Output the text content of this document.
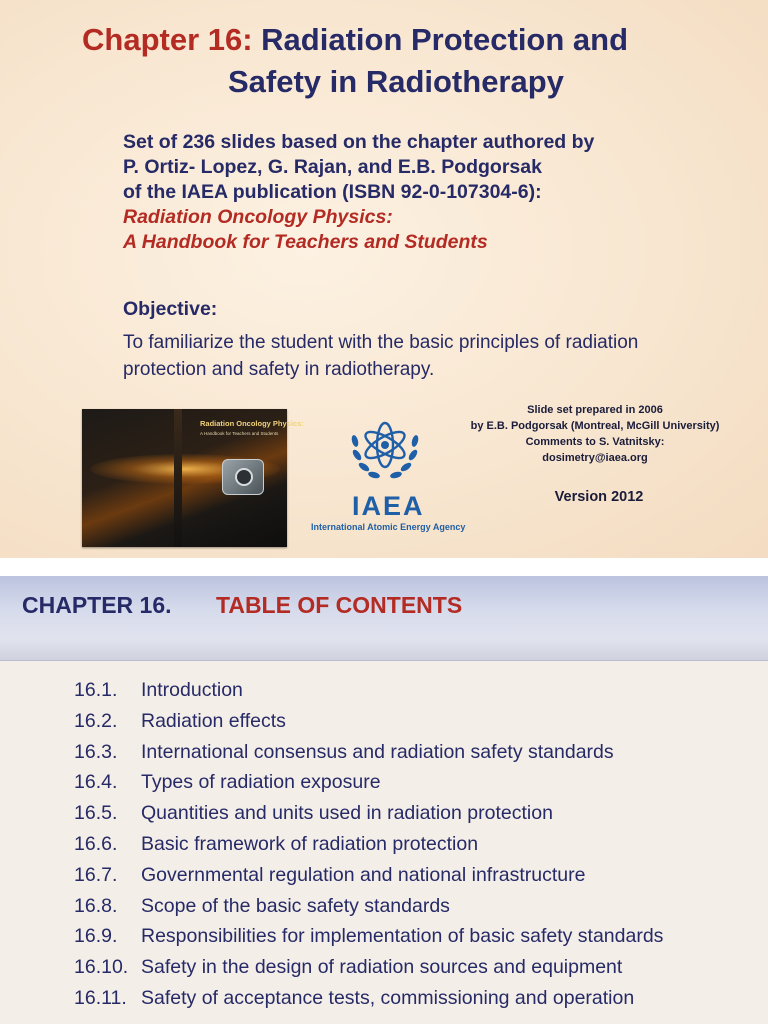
Chapter 16: Radiation Protection and
Safety in Radiotherapy
Set of 236 slides based on the chapter authored by
P. Ortiz- Lopez, G. Rajan, and E.B. Podgorsak
of the IAEA publication (ISBN 92-0-107304-6):
Radiation Oncology Physics:
A Handbook for Teachers and Students
Objective:
To familiarize the student with the basic principles of radiation
protection and safety in radiotherapy.
Radiation Oncology Physics:
A Handbook for Teachers and Students
IAEA
International Atomic Energy Agency
Slide set prepared in 2006
by E.B. Podgorsak (Montreal, McGill University)
Comments to S. Vatnitsky:
dosimetry@iaea.org
Version 2012
CHAPTER 16. TABLE OF CONTENTS
16.1. Introduction
16.2. Radiation effects
16.3. International consensus and radiation safety standards
16.4. Types of radiation exposure
16.5. Quantities and units used in radiation protection
16.6. Basic framework of radiation protection
16.7. Governmental regulation and national infrastructure
16.8. Scope of the basic safety standards
16.9. Responsibilities for implementation of basic safety standards
16.10. Safety in the design of radiation sources and equipment
16.11. Safety of acceptance tests, commissioning and operation
